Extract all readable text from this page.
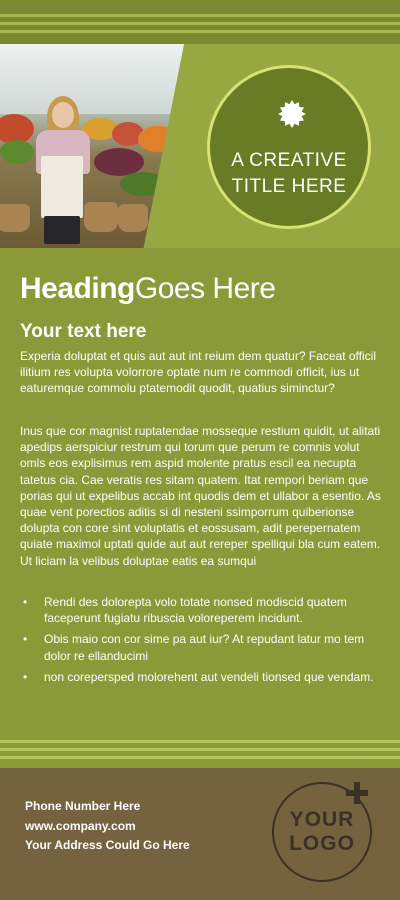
A CREATIVE
TITLE HERE
HeadingGoes Here
Your text here

Experia doluptat et quis aut aut int reium dem quatur? Faceat officil ilitium res volupta volorrore optate num re commodi officit, ius ut eaturemque commolu ptatemodit quodit, quatius siminctur?

Inus que cor magnist ruptatendae mosseque restium quidit, ut alitati apedips aerspiciur restrum qui torum que perum re comnis volut omls eos explisimus rem aspid molente pratus escil ea necupta tatetus cia. Cae veratis res sitam quatem. Itat rempori beriam que porias qui ut expelibus accab int quodis dem et ullabor a esentio. As quae vent porectios aditis si di nesteni ssimporrum quiberionse dolupta con core sint voluptatis et eossusam, adit perepernatem quiate maximol uptati quide aut aut rereper spelliqui bla cum eatem. Ut liciam la velibus doluptae eatis ea sumqui

• Rendi des dolorepta volo totate nonsed modiscid quatem faceperunt fugiatu ribuscia voloreperem incidunt.
• Obis maio con cor sime pa aut iur? At repudant latur mo tem dolor re ellanducimi
• non corepersped molorehent aut vendeli tionsed que vendam.
Phone Number Here
www.company.com
Your Address Could Go Here
YOUR
LOGO
